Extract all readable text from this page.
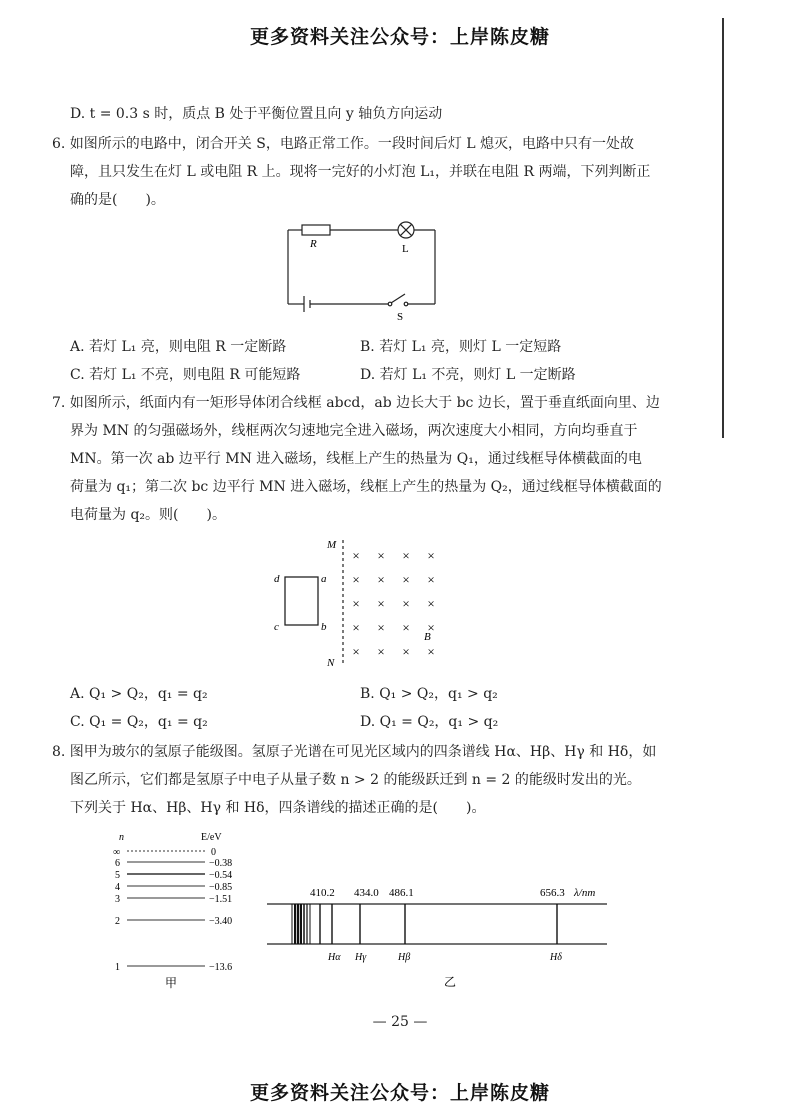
更多资料关注公众号：上岸陈皮糖
D. t = 0.3 s 时，质点 B 处于平衡位置且向 y 轴负方向运动
6. 如图所示的电路中，闭合开关 S，电路正常工作。一段时间后灯 L 熄灭，电路中只有一处故
障，且只发生在灯 L 或电阻 R 上。现将一完好的小灯泡 L₁，并联在电阻 R 两端，下列判断正
确的是(　　)。
R	L
S
A. 若灯 L₁ 亮，则电阻 R 一定断路	B. 若灯 L₁ 亮，则灯 L 一定短路
C. 若灯 L₁ 不亮，则电阻 R 可能短路	D. 若灯 L₁ 不亮，则灯 L 一定断路
7. 如图所示，纸面内有一矩形导体闭合线框 abcd，ab 边长大于 bc 边长，置于垂直纸面向里、边
界为 MN 的匀强磁场外，线框两次匀速地完全进入磁场，两次速度大小相同，方向均垂直于
MN。第一次 ab 边平行 MN 进入磁场，线框上产生的热量为 Q₁，通过线框导体横截面的电
荷量为 q₁；第二次 bc 边平行 MN 进入磁场，线框上产生的热量为 Q₂，通过线框导体横截面的
电荷量为 q₂。则(　　)。
M
N
d	a
c	b
× × × ×
× × × ×
× × × ×
× × × ×
× × × ×
B
A. Q₁ > Q₂，q₁ = q₂	B. Q₁ > Q₂，q₁ > q₂
C. Q₁ = Q₂，q₁ = q₂	D. Q₁ = Q₂，q₁ > q₂
8. 图甲为玻尔的氢原子能级图。氢原子光谱在可见光区域内的四条谱线 Hα、Hβ、Hγ 和 Hδ，如
图乙所示，它们都是氢原子中电子从量子数 n > 2 的能级跃迁到 n = 2 的能级时发出的光。
下列关于 Hα、Hβ、Hγ 和 Hδ，四条谱线的描述正确的是(　　)。
n	E/eV
∞	0
6	−0.38
5	−0.54
4	−0.85
3	−1.51
2	−3.40
1	−13.6
甲
410.2 434.0 486.1	656.3 λ/nm
Hα Hγ	Hβ	Hδ
乙
— 25 —
更多资料关注公众号：上岸陈皮糖
